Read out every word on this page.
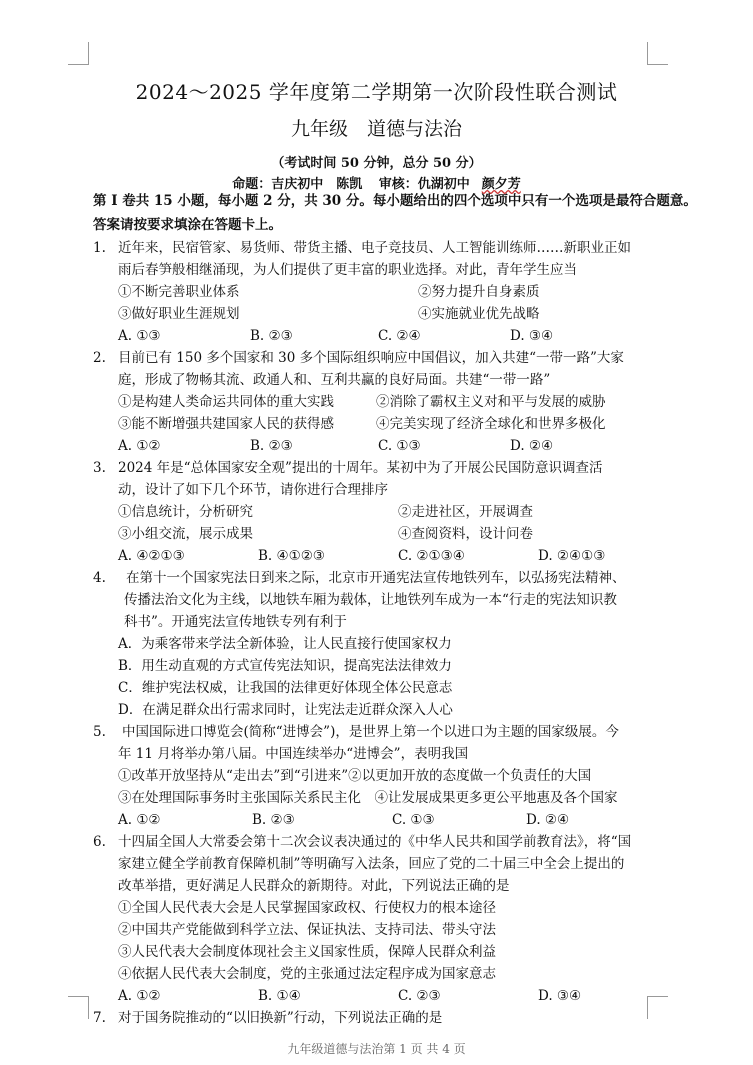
2024～2025 学年度第二学期第一次阶段性联合测试
九年级　道德与法治
（考试时间 50 分钟，总分 50 分）
命题：吉庆初中　陈凯 审核：仇湖初中 颜夕芳
第 I 卷共 15 小题，每小题 2 分，共 30 分。每小题给出的四个选项中只有一个选项是最符合题意。
答案请按要求填涂在答题卡上。
1. 近年来，民宿管家、易货师、带货主播、电子竞技员、人工智能训练师……新职业正如
雨后春笋般相继涌现，为人们提供了更丰富的职业选择。对此，青年学生应当
①不断完善职业体系	②努力提升自身素质
③做好职业生涯规划	④实施就业优先战略
A. ①③	B. ②③	C. ②④	D. ③④
2. 目前已有 150 多个国家和 30 多个国际组织响应中国倡议，加入共建“一带一路”大家
庭，形成了物畅其流、政通人和、互利共赢的良好局面。共建“一带一路”
①是构建人类命运共同体的重大实践	②消除了霸权主义对和平与发展的威胁
③能不断增强共建国家人民的获得感	④完美实现了经济全球化和世界多极化
A. ①②	B. ②③	C. ①③	D. ②④
3. 2024 年是“总体国家安全观”提出的十周年。某初中为了开展公民国防意识调查活
动，设计了如下几个环节，请你进行合理排序
①信息统计，分析研究	②走进社区，开展调查
③小组交流，展示成果	④查阅资料，设计问卷
A. ④②①③	B. ④①②③	C. ②①③④	D. ②④①③
4. 在第十一个国家宪法日到来之际，北京市开通宪法宣传地铁列车，以弘扬宪法精神、
传播法治文化为主线，以地铁车厢为载体，让地铁列车成为一本“行走的宪法知识教
科书”。开通宪法宣传地铁专列有利于
A．为乘客带来学法全新体验，让人民直接行使国家权力
B．用生动直观的方式宣传宪法知识，提高宪法法律效力
C．维护宪法权威，让我国的法律更好体现全体公民意志
D．在满足群众出行需求同时，让宪法走近群众深入人心
5. 中国国际进口博览会(简称“进博会”)，是世界上第一个以进口为主题的国家级展。今
年 11 月将举办第八届。中国连续举办“进博会”，表明我国
①改革开放坚持从“走出去”到“引进来”②以更加开放的态度做一个负责任的大国
③在处理国际事务时主张国际关系民主化　④让发展成果更多更公平地惠及各个国家
A. ①②	B. ②③	C. ①③	D. ②④
6. 十四届全国人大常委会第十二次会议表决通过的《中华人民共和国学前教育法》，将“国
家建立健全学前教育保障机制”等明确写入法条，回应了党的二十届三中全会上提出的
改革举措，更好满足人民群众的新期待。对此，下列说法正确的是
①全国人民代表大会是人民掌握国家政权、行使权力的根本途径
②中国共产党能做到科学立法、保证执法、支持司法、带头守法
③人民代表大会制度体现社会主义国家性质，保障人民群众利益
④依据人民代表大会制度，党的主张通过法定程序成为国家意志
A. ①②	B. ①④	C. ②③	D. ③④
7. 对于国务院推动的“以旧换新”行动，下列说法正确的是
九年级道德与法治第 1 页 共 4 页
